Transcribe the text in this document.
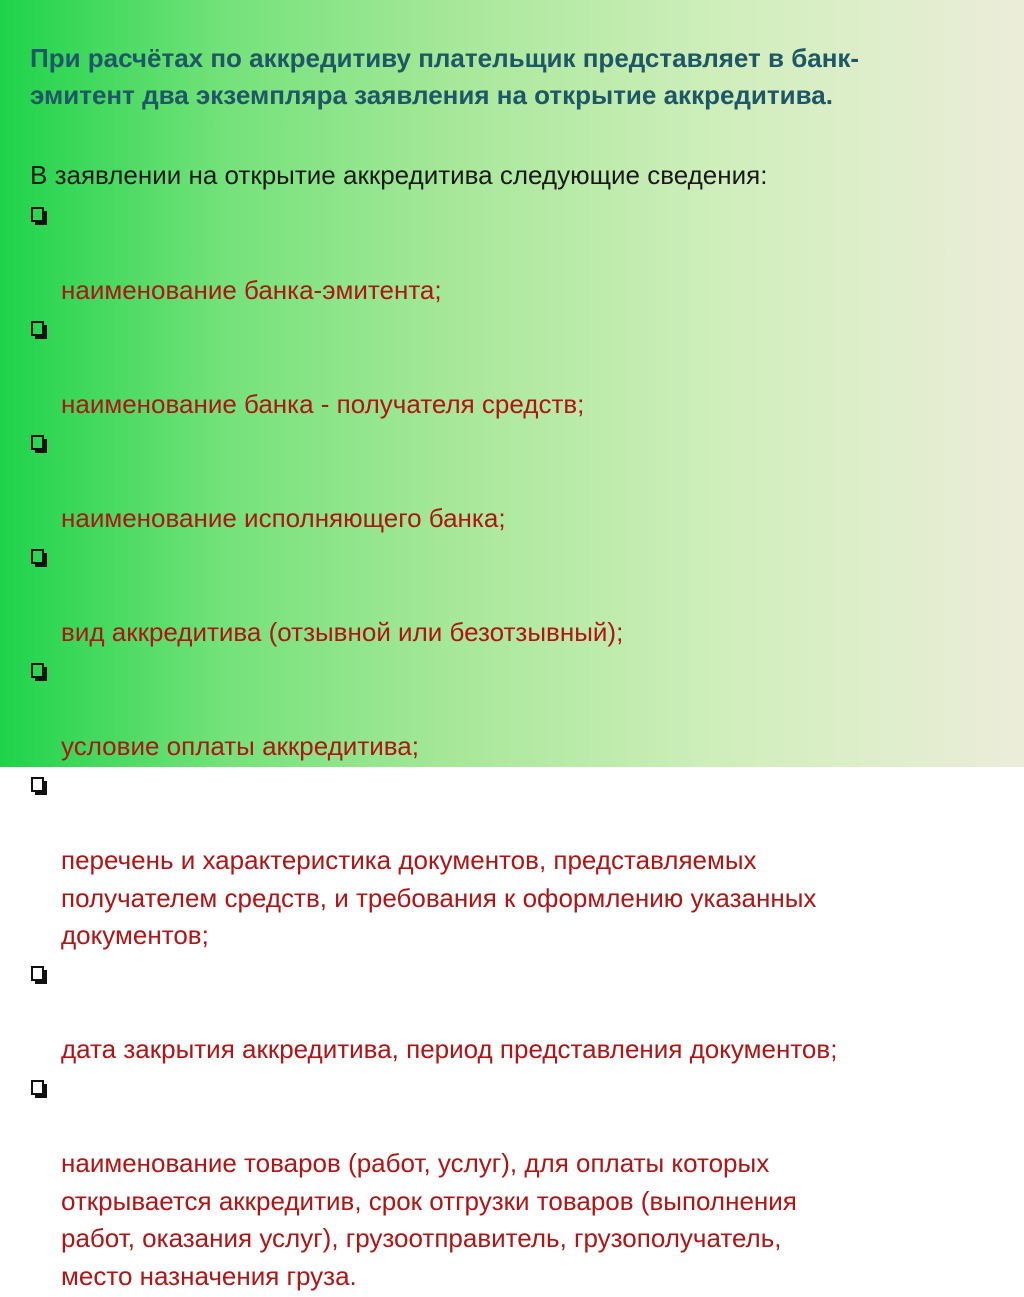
При расчётах по аккредитиву плательщик представляет в банк-
эмитент два экземпляра заявления на открытие аккредитива.

В заявлении на открытие аккредитива следующие сведения:

наименование банка-эмитента;

наименование банка - получателя средств;

наименование исполняющего банка;

вид аккредитива (отзывной или безотзывный);

условие оплаты аккредитива;

перечень и характеристика документов, представляемых
получателем средств, и требования к оформлению указанных
документов;

дата закрытия аккредитива, период представления документов;

наименование товаров (работ, услуг), для оплаты которых
открывается аккредитив, срок отгрузки товаров (выполнения
работ, оказания услуг), грузоотправитель, грузополучатель,
место назначения груза.
